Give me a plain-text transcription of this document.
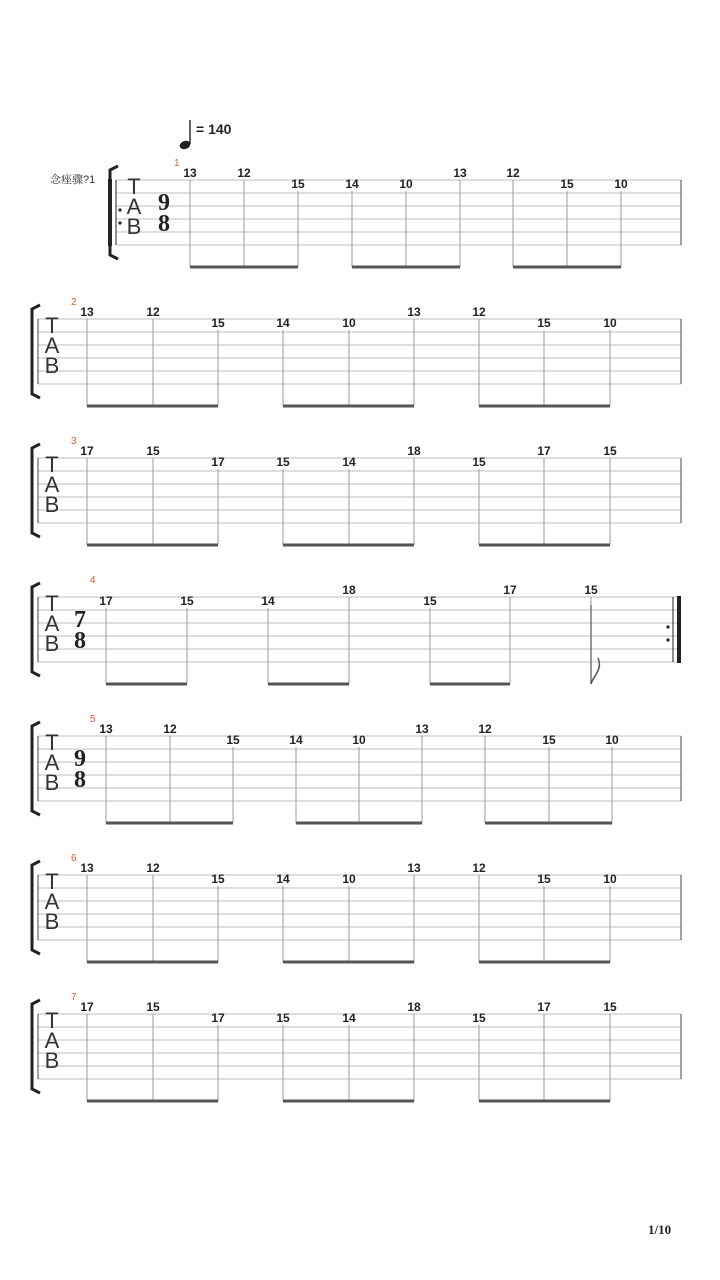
= 140
念痤骤?1 T
A
B
9
8
1
13	12
15	14	10
13	12
15	10
T
A
B
2
13	12
15	14	10
13	12
15	10
T
A
B
3
17	15
17	15	14
18
15
17	15
T
A
B
7
8
4
17	15	14
18
15
17	15
T
A
B
9
8
5
13	12
15	14	10
13	12
15	10
T
A
B
6
13	12
15	14	10
13	12
15	10
T
A
B
7
17	15
17	15	14
18
15
17	15
1/10
